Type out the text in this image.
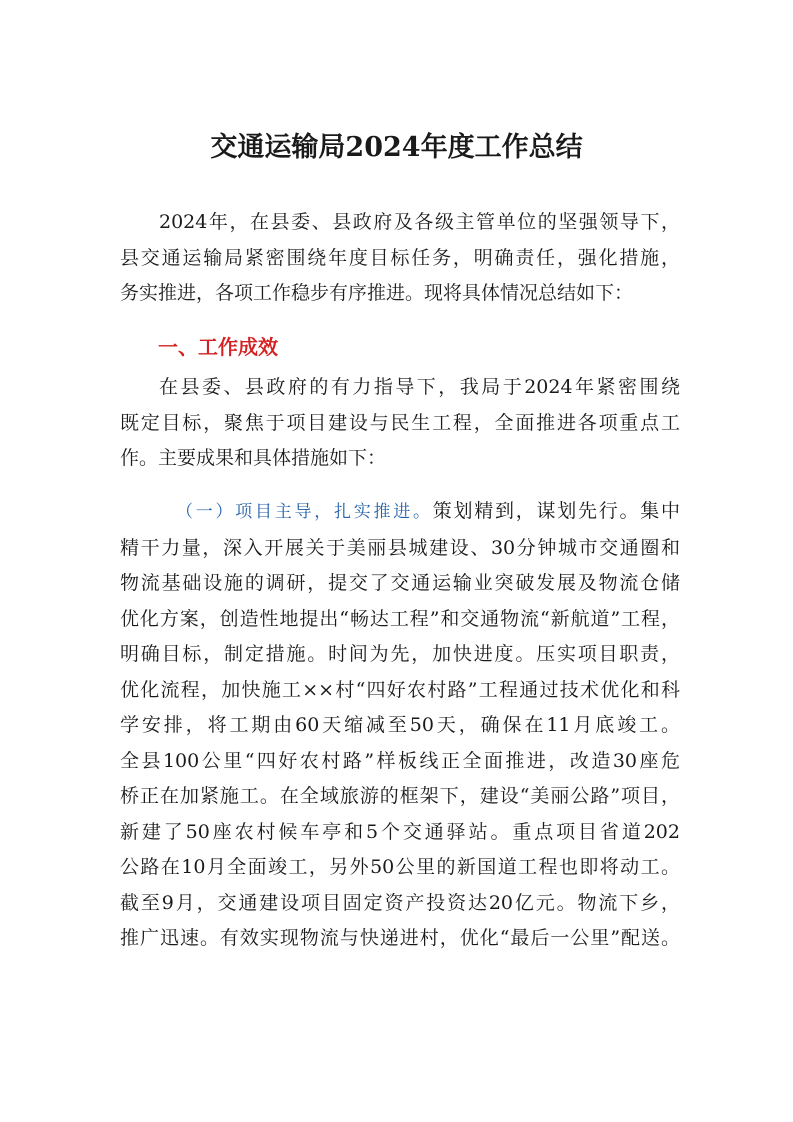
交通运输局2024年度工作总结
2024年，在县委、县政府及各级主管单位的坚强领导下，
县交通运输局紧密围绕年度目标任务，明确责任，强化措施，
务实推进，各项工作稳步有序推进。现将具体情况总结如下：
一、工作成效
在县委、县政府的有力指导下，我局于2024年紧密围绕
既定目标，聚焦于项目建设与民生工程，全面推进各项重点工
作。主要成果和具体措施如下：
（一）项目主导，扎实推进。策划精到，谋划先行。集中
精干力量，深入开展关于美丽县城建设、30分钟城市交通圈和
物流基础设施的调研，提交了交通运输业突破发展及物流仓储
优化方案，创造性地提出“畅达工程”和交通物流“新航道”工程，
明确目标，制定措施。时间为先，加快进度。压实项目职责，
优化流程，加快施工××村“四好农村路”工程通过技术优化和科
学安排，将工期由60天缩减至50天，确保在11月底竣工。
全县100公里“四好农村路”样板线正全面推进，改造30座危
桥正在加紧施工。在全域旅游的框架下，建设“美丽公路”项目，
新建了50座农村候车亭和5个交通驿站。重点项目省道202
公路在10月全面竣工，另外50公里的新国道工程也即将动工。
截至9月，交通建设项目固定资产投资达20亿元。物流下乡，
推广迅速。有效实现物流与快递进村，优化“最后一公里”配送。
